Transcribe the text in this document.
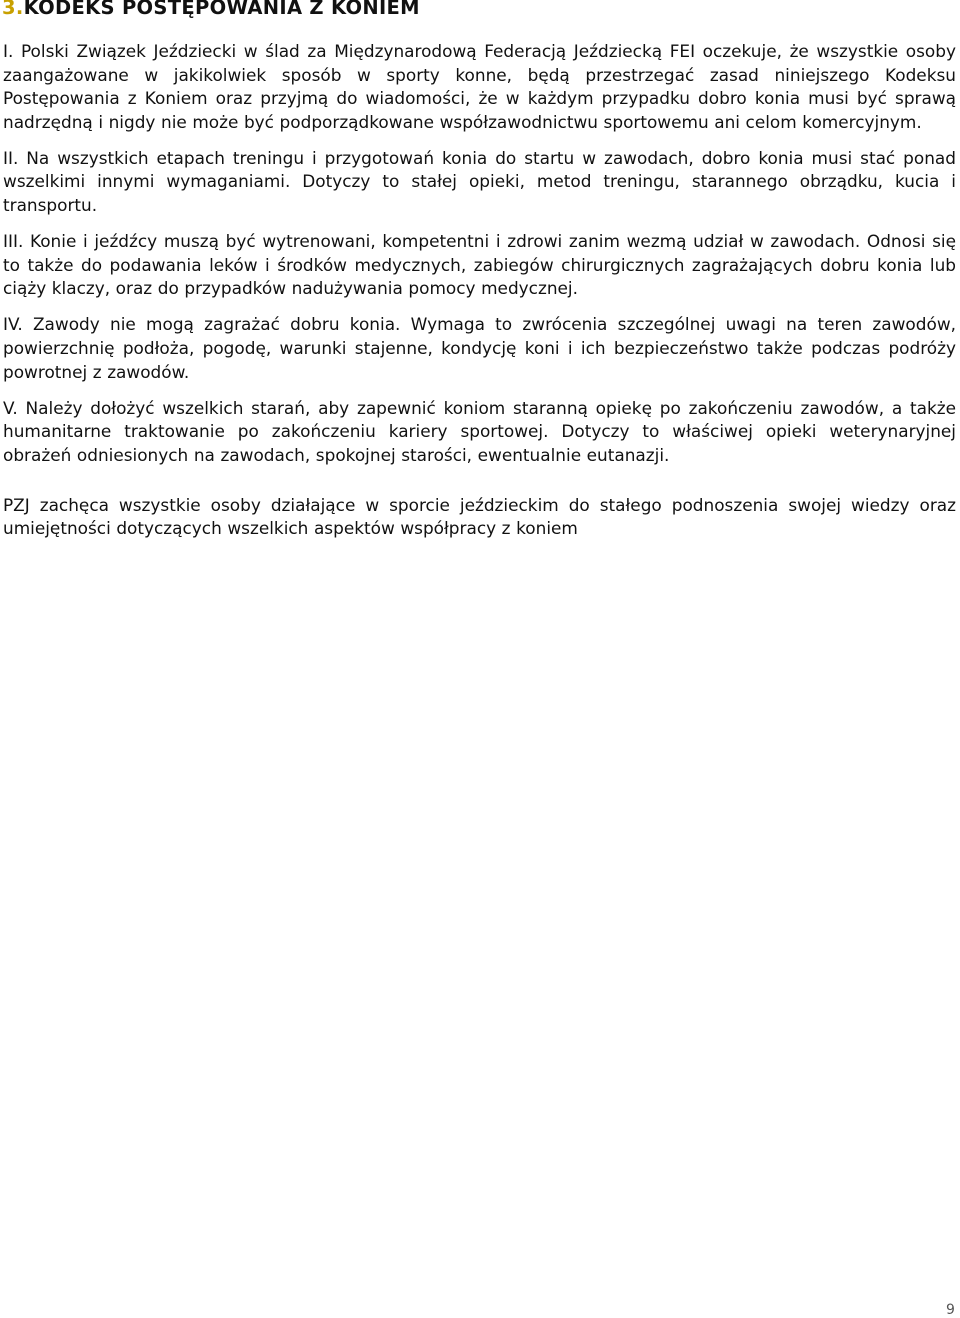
3.KODEKS POSTĘPOWANIA Z KONIEM

I. Polski Związek Jeździecki w ślad za Międzynarodową Federacją Jeździecką FEI oczekuje, że wszystkie osoby zaangażowane w jakikolwiek sposób w sporty konne, będą przestrzegać zasad niniejszego Kodeksu Postępowania z Koniem oraz przyjmą do wiadomości, że w każdym przypadku dobro konia musi być sprawą nadrzędną i nigdy nie może być podporządkowane współzawodnictwu sportowemu ani celom komercyjnym.

II. Na wszystkich etapach treningu i przygotowań konia do startu w zawodach, dobro konia musi stać ponad wszelkimi innymi wymaganiami. Dotyczy to stałej opieki, metod treningu, starannego obrządku, kucia i transportu.

III. Konie i jeźdźcy muszą być wytrenowani, kompetentni i zdrowi zanim wezmą udział w zawodach. Odnosi się to także do podawania leków i środków medycznych, zabiegów chirurgicznych zagrażających dobru konia lub ciąży klaczy, oraz do przypadków nadużywania pomocy medycznej.

IV. Zawody nie mogą zagrażać dobru konia. Wymaga to zwrócenia szczególnej uwagi na teren zawodów, powierzchnię podłoża, pogodę, warunki stajenne, kondycję koni i ich bezpieczeństwo także podczas podróży powrotnej z zawodów.

V. Należy dołożyć wszelkich starań, aby zapewnić koniom staranną opiekę po zakończeniu zawodów, a także humanitarne traktowanie po zakończeniu kariery sportowej. Dotyczy to właściwej opieki weterynaryjnej obrażeń odniesionych na zawodach, spokojnej starości, ewentualnie eutanazji.

PZJ zachęca wszystkie osoby działające w sporcie jeździeckim do stałego podnoszenia swojej wiedzy oraz umiejętności dotyczących wszelkich aspektów współpracy z koniem

9
